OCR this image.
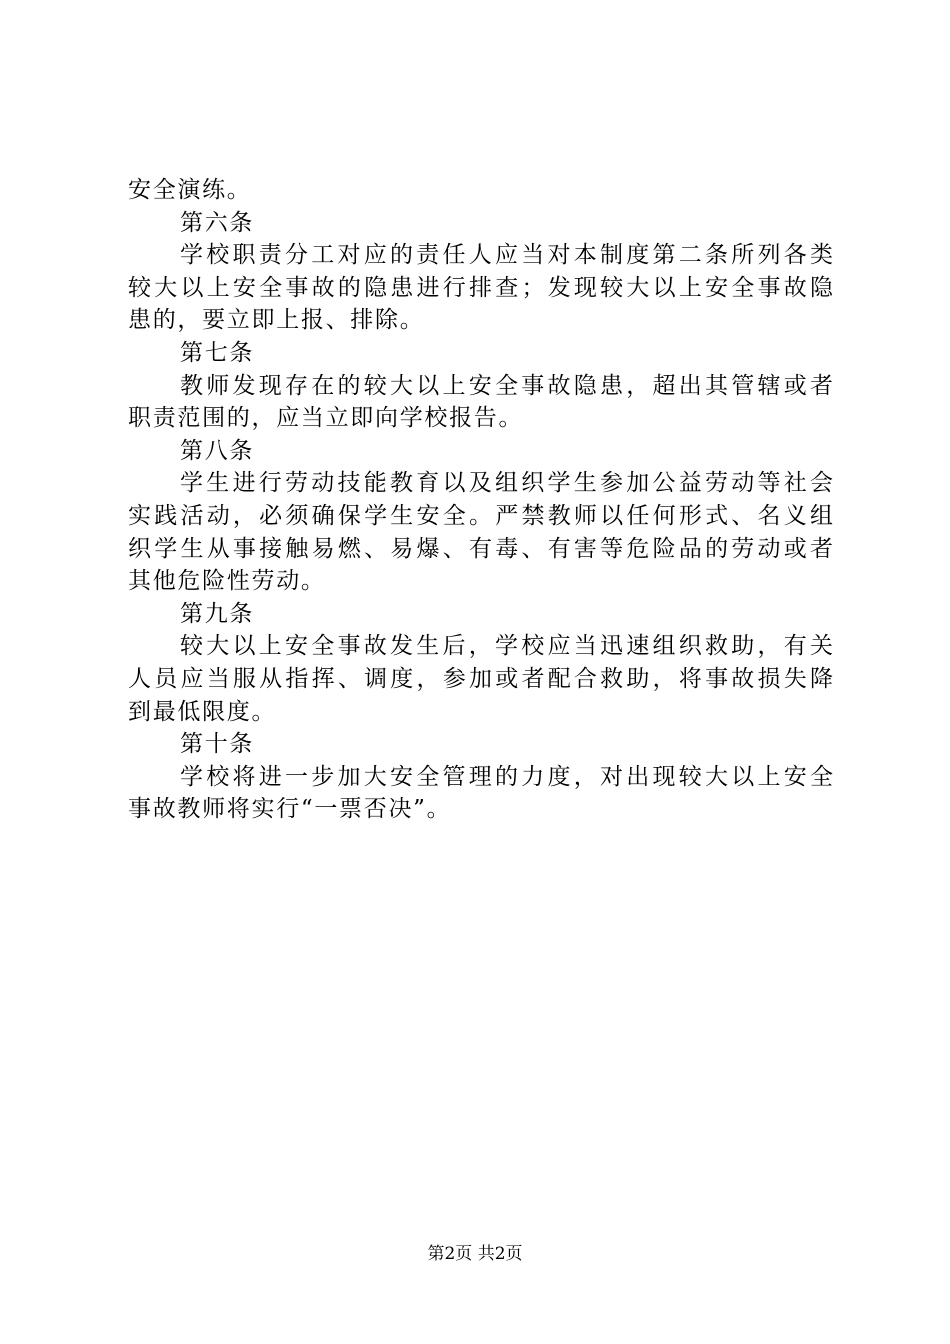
安全演练。
第六条
学校职责分工对应的责任人应当对本制度第二条所列各类
较大以上安全事故的隐患进行排查；发现较大以上安全事故隐
患的，要立即上报、排除。
第七条
教师发现存在的较大以上安全事故隐患，超出其管辖或者
职责范围的，应当立即向学校报告。
第八条
学生进行劳动技能教育以及组织学生参加公益劳动等社会
实践活动，必须确保学生安全。严禁教师以任何形式、名义组
织学生从事接触易燃、易爆、有毒、有害等危险品的劳动或者
其他危险性劳动。
第九条
较大以上安全事故发生后，学校应当迅速组织救助，有关
人员应当服从指挥、调度，参加或者配合救助，将事故损失降
到最低限度。
第十条
学校将进一步加大安全管理的力度，对出现较大以上安全
事故教师将实行“一票否决”。
第2页 共2页
